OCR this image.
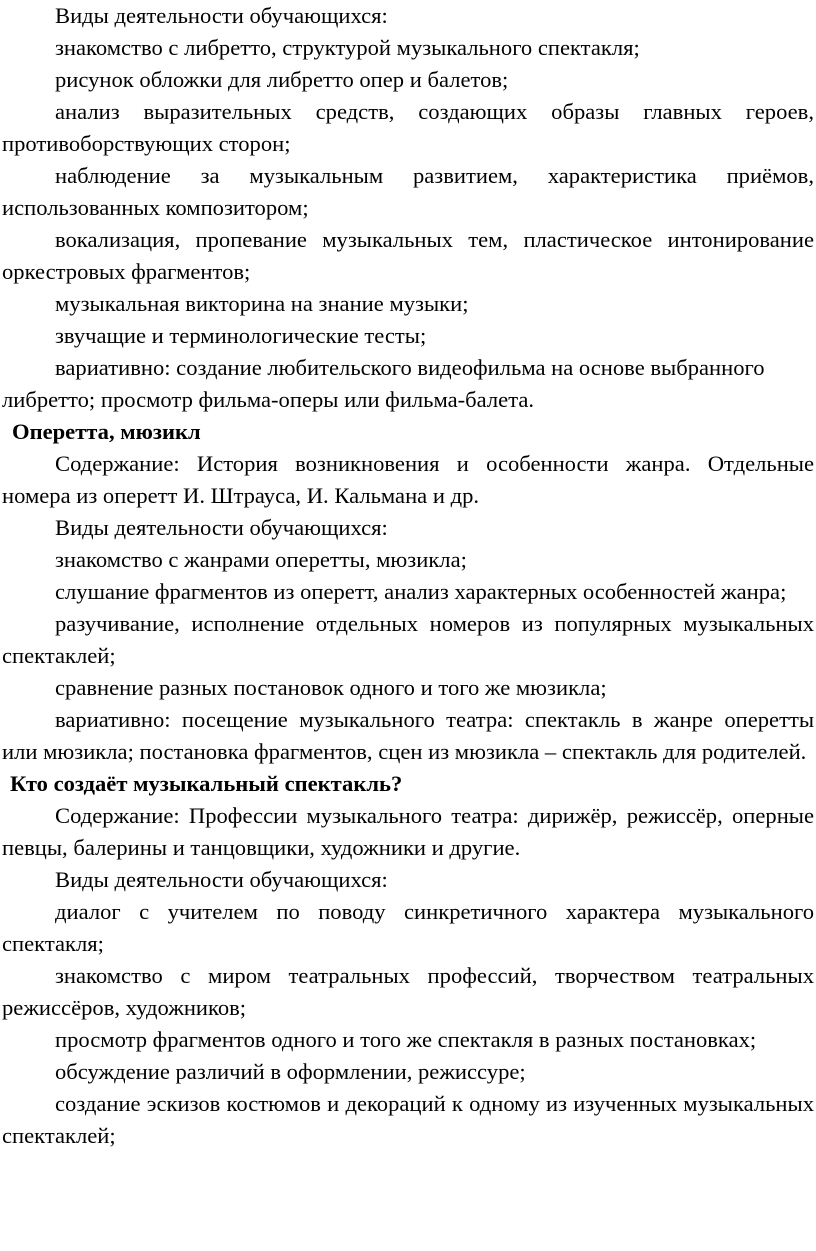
Виды деятельности обучающихся:

знакомство с либретто, структурой музыкального спектакля;

рисунок обложки для либретто опер и балетов;

анализ выразительных средств, создающих образы главных героев, противоборствующих сторон;

наблюдение за музыкальным развитием, характеристика приёмов, использованных композитором;

вокализация, пропевание музыкальных тем, пластическое интонирование оркестровых фрагментов;

музыкальная викторина на знание музыки;

звучащие и терминологические тесты;

вариативно: создание любительского видеофильма на основе выбранного либретто; просмотр фильма-оперы или фильма-балета.

Оперетта, мюзикл

Содержание: История возникновения и особенности жанра. Отдельные номера из оперетт И. Штрауса, И. Кальмана и др.

Виды деятельности обучающихся:

знакомство с жанрами оперетты, мюзикла;

слушание фрагментов из оперетт, анализ характерных особенностей жанра;

разучивание, исполнение отдельных номеров из популярных музыкальных спектаклей;

сравнение разных постановок одного и того же мюзикла;

вариативно: посещение музыкального театра: спектакль в жанре оперетты или мюзикла; постановка фрагментов, сцен из мюзикла – спектакль для родителей.

Кто создаёт музыкальный спектакль?

Содержание: Профессии музыкального театра: дирижёр, режиссёр, оперные певцы, балерины и танцовщики, художники и другие.

Виды деятельности обучающихся:

диалог с учителем по поводу синкретичного характера музыкального спектакля;

знакомство с миром театральных профессий, творчеством театральных режиссёров, художников;

просмотр фрагментов одного и того же спектакля в разных постановках;

обсуждение различий в оформлении, режиссуре;

создание эскизов костюмов и декораций к одному из изученных музыкальных спектаклей;
